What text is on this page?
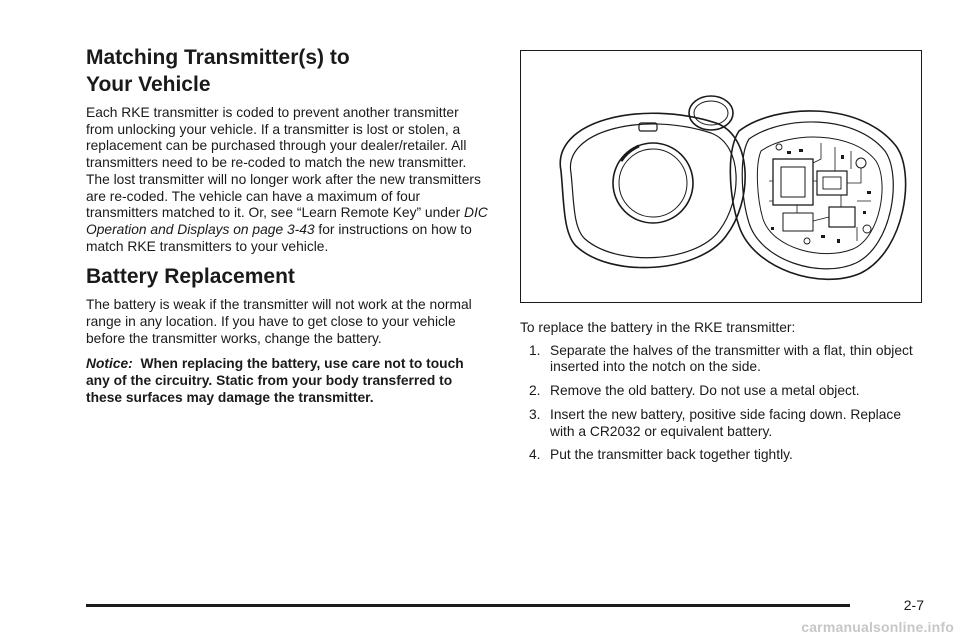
Matching Transmitter(s) to
Your Vehicle

Each RKE transmitter is coded to prevent another transmitter from unlocking your vehicle. If a transmitter is lost or stolen, a replacement can be purchased through your dealer/retailer. All transmitters need to be re-coded to match the new transmitter. The lost transmitter will no longer work after the new transmitters are re-coded. The vehicle can have a maximum of four transmitters matched to it. Or, see “Learn Remote Key” under DIC Operation and Displays on page 3-43 for instructions on how to match RKE transmitters to your vehicle.

Battery Replacement

The battery is weak if the transmitter will not work at the normal range in any location. If you have to get close to your vehicle before the transmitter works, change the battery.

Notice: When replacing the battery, use care not to touch any of the circuitry. Static from your body transferred to these surfaces may damage the transmitter.

To replace the battery in the RKE transmitter:

1. Separate the halves of the transmitter with a flat, thin object inserted into the notch on the side.
2. Remove the old battery. Do not use a metal object.
3. Insert the new battery, positive side facing down. Replace with a CR2032 or equivalent battery.
4. Put the transmitter back together tightly.
2-7
carmanualsonline.info
